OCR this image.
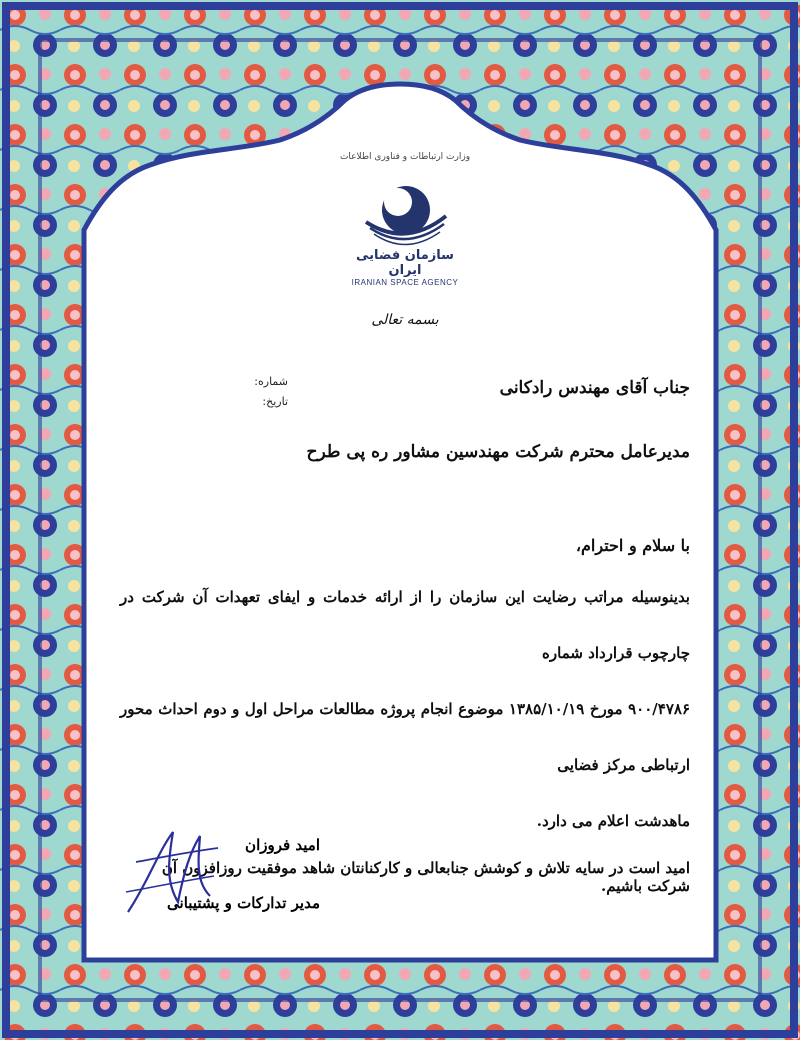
وزارت ارتباطات و فناوری اطلاعات
سازمان فضایی ایران
IRANIAN SPACE AGENCY
بسمه تعالی
شماره:
تاریخ:

جناب آقای مهندس رادکانی

مدیرعامل محترم شرکت مهندسین مشاور ره پی طرح

با سلام و احترام،

بدینوسیله مراتب رضایت این سازمان را از ارائه خدمات و ایفای تعهدات آن شرکت در چارچوب قرارداد شماره

۹۰۰/۴۷۸۶ مورخ ۱۳۸۵/۱۰/۱۹ موضوع انجام پروژه مطالعات مراحل اول و دوم احداث محور ارتباطی مرکز فضایی

ماهدشت اعلام می دارد.

امید است در سایه تلاش و کوشش جنابعالی و کارکنانتان شاهد موفقیت روزافزون آن شرکت باشیم.

امید فروزان

مدیر تدارکات و پشتیبانی
